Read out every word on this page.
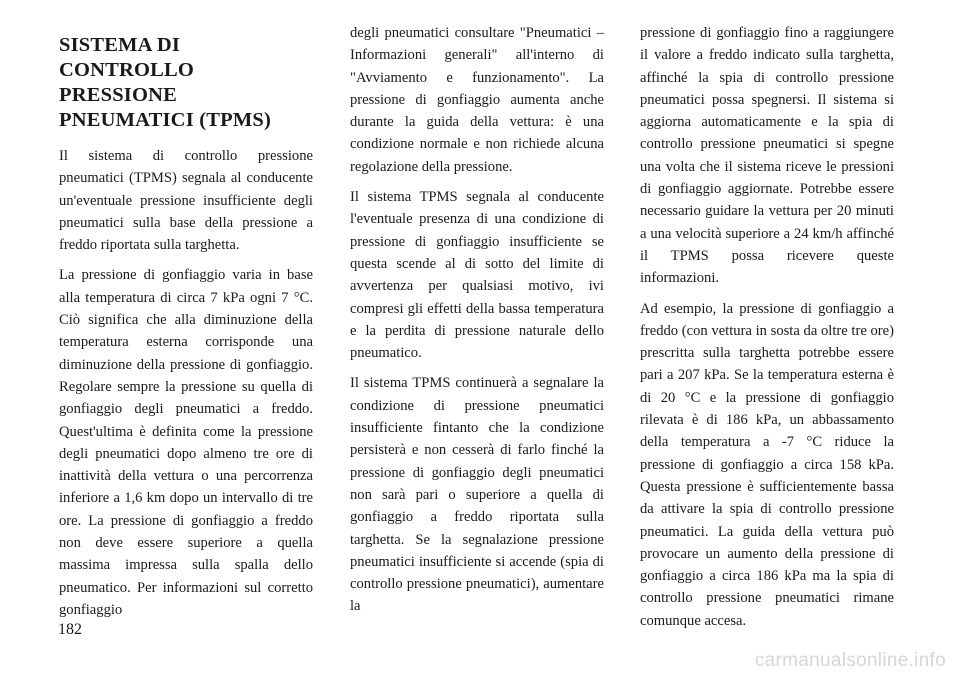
SISTEMA DI CONTROLLO PRESSIONE PNEUMATICI (TPMS)

Il sistema di controllo pressione pneumatici (TPMS) segnala al conducente un'eventuale pressione insufficiente degli pneumatici sulla base della pressione a freddo riportata sulla targhetta.

La pressione di gonfiaggio varia in base alla temperatura di circa 7 kPa ogni 7 °C. Ciò significa che alla diminuzione della temperatura esterna corrisponde una diminuzione della pressione di gonfiaggio. Regolare sempre la pressione su quella di gonfiaggio degli pneumatici a freddo. Quest'ultima è definita come la pressione degli pneumatici dopo almeno tre ore di inattività della vettura o una percorrenza inferiore a 1,6 km dopo un intervallo di tre ore. La pressione di gonfiaggio a freddo non deve essere superiore a quella massima impressa sulla spalla dello pneumatico. Per informazioni sul corretto gonfiaggio

degli pneumatici consultare "Pneumatici – Informazioni generali" all'interno di "Avviamento e funzionamento". La pressione di gonfiaggio aumenta anche durante la guida della vettura: è una condizione normale e non richiede alcuna regolazione della pressione.

Il sistema TPMS segnala al conducente l'eventuale presenza di una condizione di pressione di gonfiaggio insufficiente se questa scende al di sotto del limite di avvertenza per qualsiasi motivo, ivi compresi gli effetti della bassa temperatura e la perdita di pressione naturale dello pneumatico.

Il sistema TPMS continuerà a segnalare la condizione di pressione pneumatici insufficiente fintanto che la condizione persisterà e non cesserà di farlo finché la pressione di gonfiaggio degli pneumatici non sarà pari o superiore a quella di gonfiaggio a freddo riportata sulla targhetta. Se la segnalazione pressione pneumatici insufficiente si accende (spia di controllo pressione pneumatici), aumentare la

pressione di gonfiaggio fino a raggiungere il valore a freddo indicato sulla targhetta, affinché la spia di controllo pressione pneumatici possa spegnersi. Il sistema si aggiorna automaticamente e la spia di controllo pressione pneumatici si spegne una volta che il sistema riceve le pressioni di gonfiaggio aggiornate. Potrebbe essere necessario guidare la vettura per 20 minuti a una velocità superiore a 24 km/h affinché il TPMS possa ricevere queste informazioni.

Ad esempio, la pressione di gonfiaggio a freddo (con vettura in sosta da oltre tre ore) prescritta sulla targhetta potrebbe essere pari a 207 kPa. Se la temperatura esterna è di 20 °C e la pressione di gonfiaggio rilevata è di 186 kPa, un abbassamento della temperatura a -7 °C riduce la pressione di gonfiaggio a circa 158 kPa. Questa pressione è sufficientemente bassa da attivare la spia di controllo pressione pneumatici. La guida della vettura può provocare un aumento della pressione di gonfiaggio a circa 186 kPa ma la spia di controllo pressione pneumatici rimane comunque accesa.

182
carmanualsonline.info
